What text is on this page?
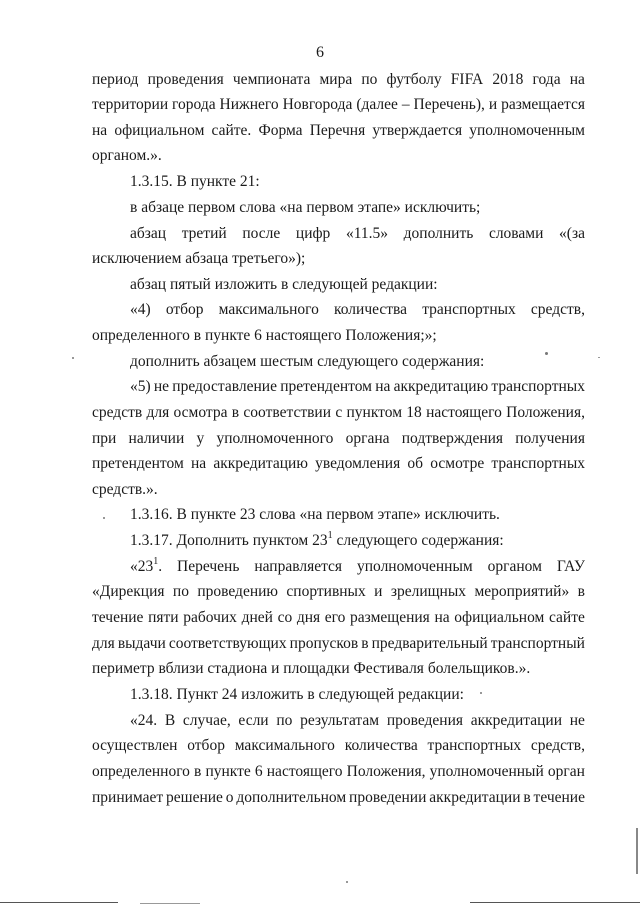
6
период проведения чемпионата мира по футболу FIFA 2018 года на
территории города Нижнего Новгорода (далее – Перечень), и размещается
на официальном сайте. Форма Перечня утверждается уполномоченным
органом.».
1.3.15. В пункте 21:
в абзаце первом слова «на первом этапе» исключить;
абзац третий после цифр «11.5» дополнить словами «(за
исключением абзаца третьего»);
абзац пятый изложить в следующей редакции:
«4) отбор максимального количества транспортных средств,
определенного в пункте 6 настоящего Положения;»;
дополнить абзацем шестым следующего содержания:
«5) не предоставление претендентом на аккредитацию транспортных
средств для осмотра в соответствии с пунктом 18 настоящего Положения,
при наличии у уполномоченного органа подтверждения получения
претендентом на аккредитацию уведомления об осмотре транспортных
средств.».
1.3.16. В пункте 23 слова «на первом этапе» исключить.
1.3.17. Дополнить пунктом $23^1$ следующего содержания:
«$23^1$. Перечень направляется уполномоченным органом ГАУ
«Дирекция по проведению спортивных и зрелищных мероприятий» в
течение пяти рабочих дней со дня его размещения на официальном сайте
для выдачи соответствующих пропусков в предварительный транспортный
периметр вблизи стадиона и площадки Фестиваля болельщиков.».
1.3.18. Пункт 24 изложить в следующей редакции:
«24. В случае, если по результатам проведения аккредитации не
осуществлен отбор максимального количества транспортных средств,
определенного в пункте 6 настоящего Положения, уполномоченный орган
принимает решение о дополнительном проведении аккредитации в течение
